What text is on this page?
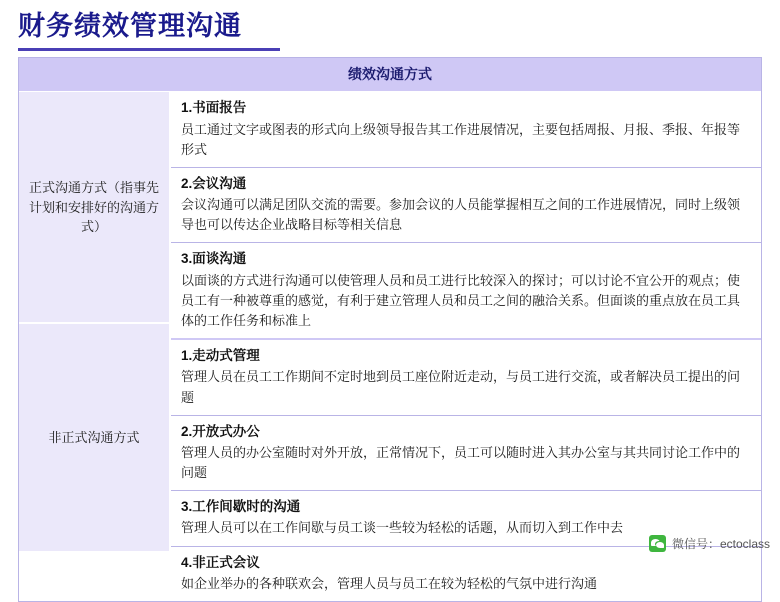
财务绩效管理沟通
绩效沟通方式
正式沟通方式（指事先计划和安排好的沟通方式）
非正式沟通方式
1.书面报告
员工通过文字或图表的形式向上级领导报告其工作进展情况，主要包括周报、月报、季报、年报等形式
2.会议沟通
会议沟通可以满足团队交流的需要。参加会议的人员能掌握相互之间的工作进展情况，同时上级领导也可以传达企业战略目标等相关信息
3.面谈沟通
以面谈的方式进行沟通可以使管理人员和员工进行比较深入的探讨；可以讨论不宜公开的观点；使员工有一种被尊重的感觉，有利于建立管理人员和员工之间的融洽关系。但面谈的重点放在员工具体的工作任务和标准上
1.走动式管理
管理人员在员工工作期间不定时地到员工座位附近走动，与员工进行交流，或者解决员工提出的问题
2.开放式办公
管理人员的办公室随时对外开放，正常情况下，员工可以随时进入其办公室与其共同讨论工作中的问题
3.工作间歇时的沟通
管理人员可以在工作间歇与员工谈一些较为轻松的话题，从而切入到工作中去
4.非正式会议
如企业举办的各种联欢会，管理人员与员工在较为轻松的气氛中进行沟通
微信号：ectoclass
